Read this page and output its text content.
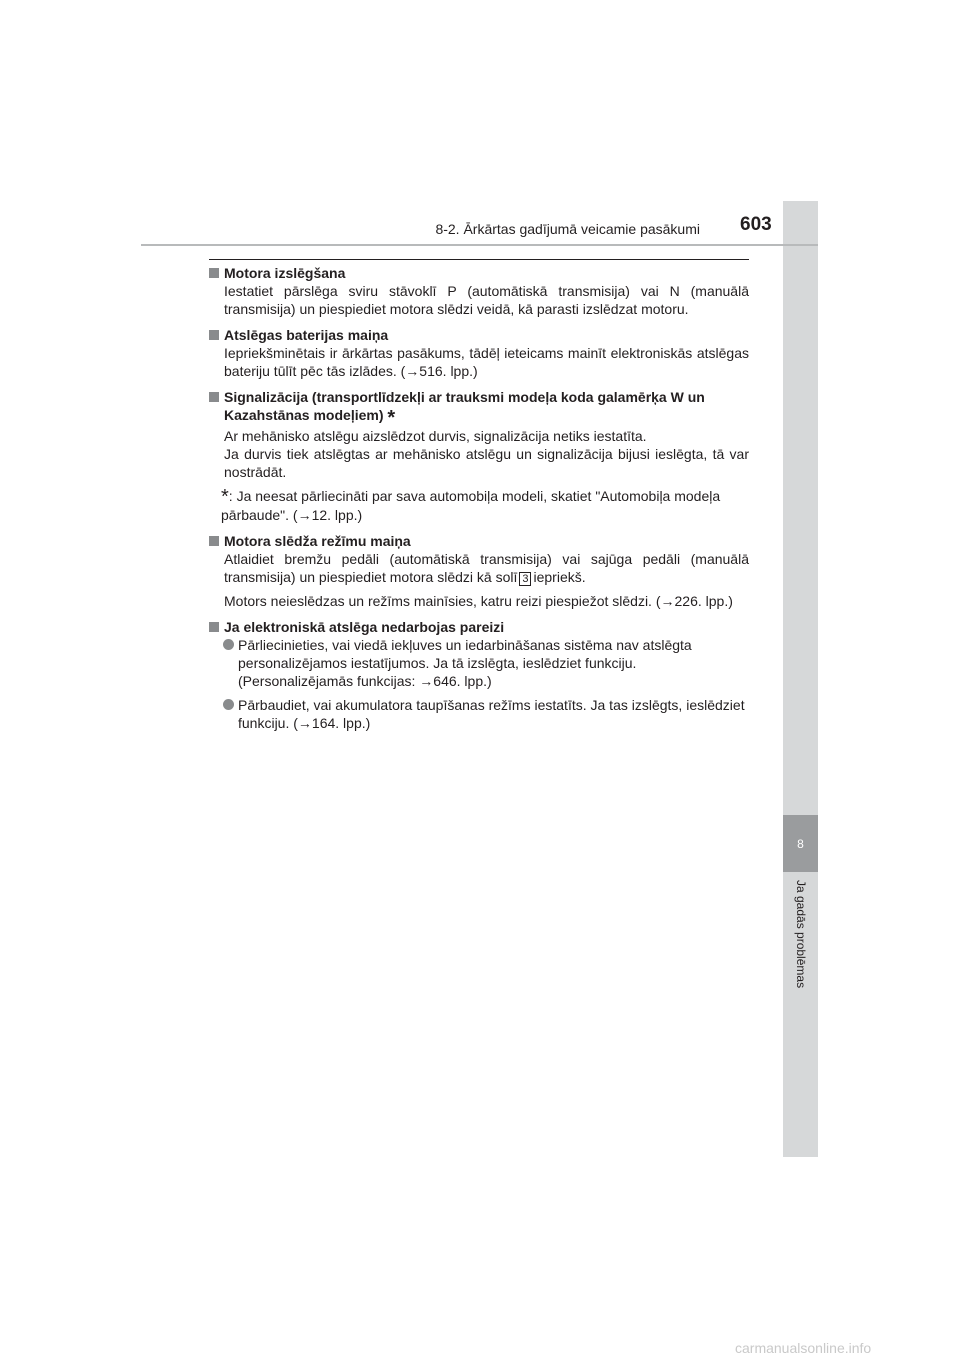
8
Ja gadās problēmas
8-2. Ārkārtas gadījumā veicamie pasākumi 603
Motora izslēgšana
Iestatiet pārslēga sviru stāvoklī P (automātiskā transmisija) vai N (manuālā transmisija) un piespiediet motora slēdzi veidā, kā parasti izslēdzat motoru.
Atslēgas baterijas maiņa
Iepriekšminētais ir ārkārtas pasākums, tādēļ ieteicams mainīt elektroniskās atslēgas bateriju tūlīt pēc tās izlādes. (→516. lpp.)
Signalizācija (transportlīdzekļi ar trauksmi modeļa koda galamērķa W un Kazahstānas modeļiem) *
Ar mehānisko atslēgu aizslēdzot durvis, signalizācija netiks iestatīta.
Ja durvis tiek atslēgtas ar mehānisko atslēgu un signalizācija bijusi ieslēgta, tā var nostrādāt.
*: Ja neesat pārliecināti par sava automobiļa modeli, skatiet "Automobiļa modeļa pārbaude". (→12. lpp.)
Motora slēdža režīmu maiņa
Atlaidiet bremžu pedāli (automātiskā transmisija) vai sajūga pedāli (manuālā transmisija) un piespiediet motora slēdzi kā solī 3 iepriekš.
Motors neieslēdzas un režīms mainīsies, katru reizi piespiežot slēdzi. (→226. lpp.)
Ja elektroniskā atslēga nedarbojas pareizi
Pārliecinieties, vai viedā iekļuves un iedarbināšanas sistēma nav atslēgta personalizējamos iestatījumos. Ja tā izslēgta, ieslēdziet funkciju. (Personalizējamās funkcijas: →646. lpp.)
Pārbaudiet, vai akumulatora taupīšanas režīms iestatīts. Ja tas izslēgts, ieslēdziet funkciju. (→164. lpp.)
carmanualsonline.info
